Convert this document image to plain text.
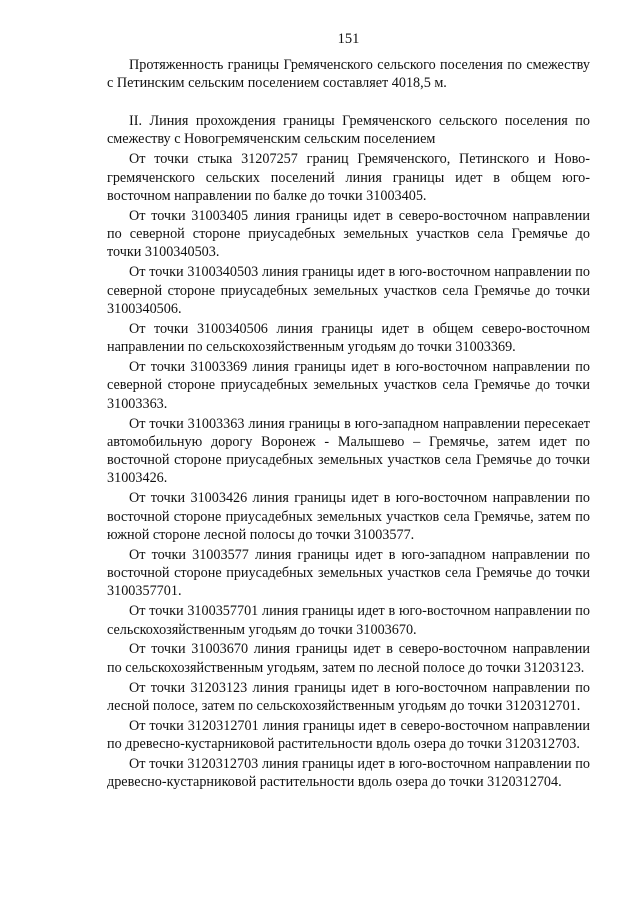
151

Протяженность границы Гремяченского сельского поселения по смежеству с Петинским сельским поселением составляет 4018,5 м.

II. Линия прохождения границы Гремяченского сельского поселения по смежеству с Новогремяченским сельским поселением

От точки стыка 31207257 границ Гремяченского, Петинского и Новогремяченского сельских поселений линия границы идет в общем юго-восточном направлении по балке до точки 31003405.

От точки 31003405 линия границы идет в северо-восточном направлении по северной стороне приусадебных земельных участков села Гремячье до точки 3100340503.

От точки 3100340503 линия границы идет в юго-восточном направлении по северной стороне приусадебных земельных участков села Гремячье до точки 3100340506.

От точки 3100340506 линия границы идет в общем северо-восточном направлении по сельскохозяйственным угодьям до точки 31003369.

От точки 31003369 линия границы идет в юго-восточном направлении по северной стороне приусадебных земельных участков села Гремячье до точки 31003363.

От точки 31003363 линия границы в юго-западном направлении пересекает автомобильную дорогу Воронеж - Малышево – Гремячье, затем идет по восточной стороне приусадебных земельных участков села Гремячье до точки 31003426.

От точки 31003426 линия границы идет в юго-восточном направлении по восточной стороне приусадебных земельных участков села Гремячье, затем по южной стороне лесной полосы до точки 31003577.

От точки 31003577 линия границы идет в юго-западном направлении по восточной стороне приусадебных земельных участков села Гремячье до точки 3100357701.

От точки 3100357701 линия границы идет в юго-восточном направлении по сельскохозяйственным угодьям до точки 31003670.

От точки 31003670 линия границы идет в северо-восточном направлении по сельскохозяйственным угодьям, затем по лесной полосе до точки 31203123.

От точки 31203123 линия границы идет в юго-восточном направлении по лесной полосе, затем по сельскохозяйственным угодьям до точки 3120312701.

От точки 3120312701 линия границы идет в северо-восточном направлении по древесно-кустарниковой растительности вдоль озера до точки 3120312703.

От точки 3120312703 линия границы идет в юго-восточном направлении по древесно-кустарниковой растительности вдоль озера до точки 3120312704.
